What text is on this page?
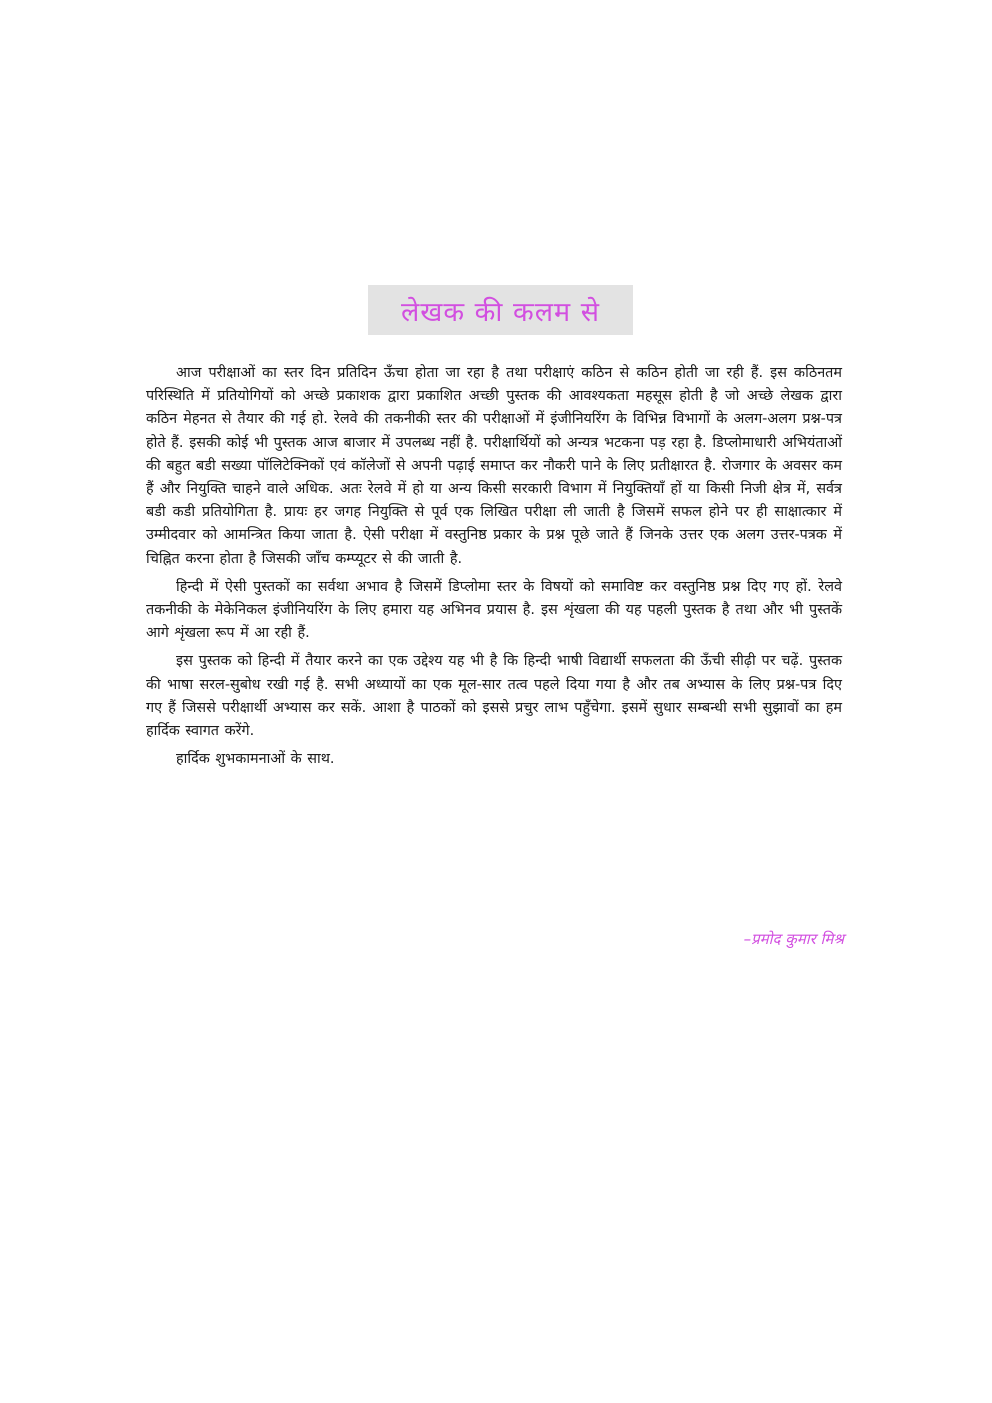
लेखक की कलम से

आज परीक्षाओं का स्तर दिन प्रतिदिन ऊँचा होता जा रहा है तथा परीक्षाएं कठिन से कठिन होती जा रही हैं. इस कठिनतम परिस्थिति में प्रतियोगियों को अच्छे प्रकाशक द्वारा प्रकाशित अच्छी पुस्तक की आवश्यकता महसूस होती है जो अच्छे लेखक द्वारा कठिन मेहनत से तैयार की गई हो. रेलवे की तकनीकी स्तर की परीक्षाओं में इंजीनियरिंग के विभिन्न विभागों के अलग-अलग प्रश्न-पत्र होते हैं. इसकी कोई भी पुस्तक आज बाजार में उपलब्ध नहीं है. परीक्षार्थियों को अन्यत्र भटकना पड़ रहा है. डिप्लोमाधारी अभियंताओं की बहुत बडी सख्या पॉलिटेक्निकों एवं कॉलेजों से अपनी पढ़ाई समाप्त कर नौकरी पाने के लिए प्रतीक्षारत है. रोजगार के अवसर कम हैं और नियुक्ति चाहने वाले अधिक. अतः रेलवे में हो या अन्य किसी सरकारी विभाग में नियुक्तियाँ हों या किसी निजी क्षेत्र में, सर्वत्र बडी कडी प्रतियोगिता है. प्रायः हर जगह नियुक्ति से पूर्व एक लिखित परीक्षा ली जाती है जिसमें सफल होने पर ही साक्षात्कार में उम्मीदवार को आमन्त्रित किया जाता है. ऐसी परीक्षा में वस्तुनिष्ठ प्रकार के प्रश्न पूछे जाते हैं जिनके उत्तर एक अलग उत्तर-पत्रक में चिह्नित करना होता है जिसकी जाँच कम्प्यूटर से की जाती है.

हिन्दी में ऐसी पुस्तकों का सर्वथा अभाव है जिसमें डिप्लोमा स्तर के विषयों को समाविष्ट कर वस्तुनिष्ठ प्रश्न दिए गए हों. रेलवे तकनीकी के मेकेनिकल इंजीनियरिंग के लिए हमारा यह अभिनव प्रयास है. इस शृंखला की यह पहली पुस्तक है तथा और भी पुस्तकें आगे शृंखला रूप में आ रही हैं.

इस पुस्तक को हिन्दी में तैयार करने का एक उद्देश्य यह भी है कि हिन्दी भाषी विद्यार्थी सफलता की ऊँची सीढ़ी पर चढ़ें. पुस्तक की भाषा सरल-सुबोध रखी गई है. सभी अध्यायों का एक मूल-सार तत्व पहले दिया गया है और तब अभ्यास के लिए प्रश्न-पत्र दिए गए हैं जिससे परीक्षार्थी अभ्यास कर सकें. आशा है पाठकों को इससे प्रचुर लाभ पहुँचेगा. इसमें सुधार सम्बन्धी सभी सुझावों का हम हार्दिक स्वागत करेंगे.

हार्दिक शुभकामनाओं के साथ.

–प्रमोद कुमार मिश्र
